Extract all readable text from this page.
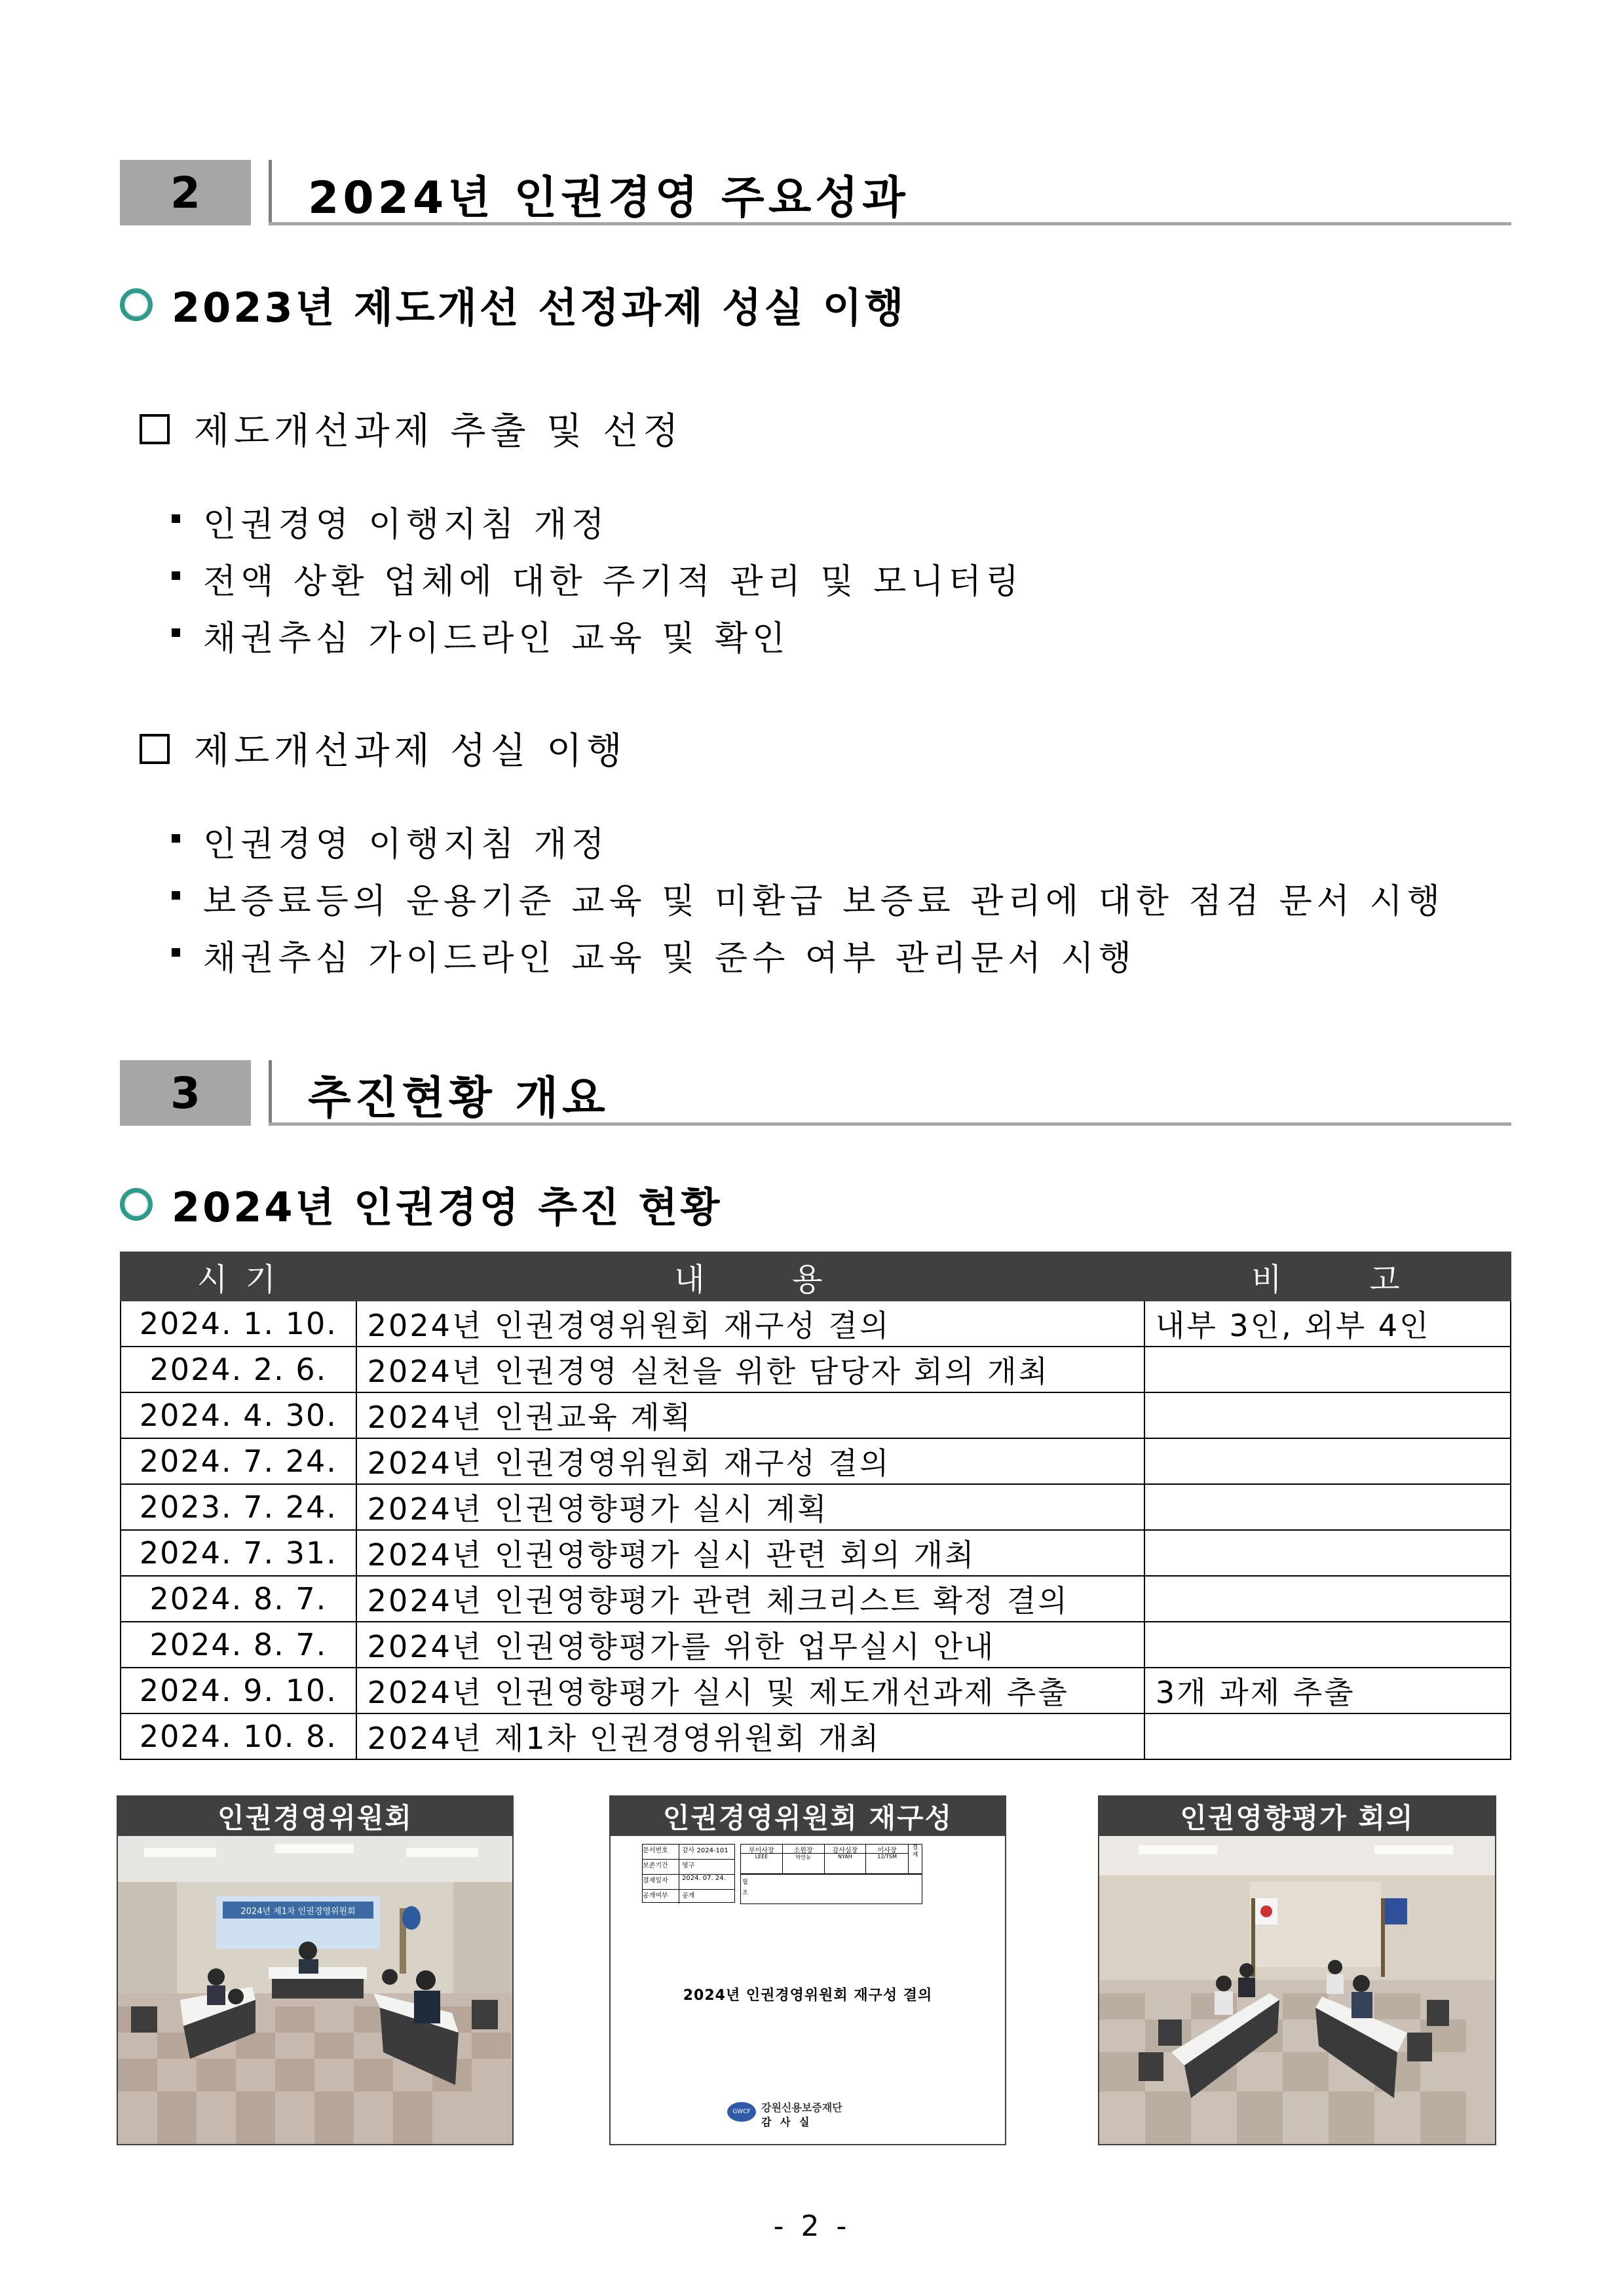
2	2024년 인권경영 주요성과
2023년 제도개선 선정과제 성실 이행
제도개선과제 추출 및 선정
인권경영 이행지침 개정
전액 상환 업체에 대한 주기적 관리 및 모니터링
채권추심 가이드라인 교육 및 확인
제도개선과제 성실 이행
인권경영 이행지침 개정
보증료등의 운용기준 교육 및 미환급 보증료 관리에 대한 점검 문서 시행
채권추심 가이드라인 교육 및 준수 여부 관리문서 시행
3	추진현황 개요
2024년 인권경영 추진 현황
시 기	내      용	비      고
2024. 1. 10.	2024년 인권경영위원회 재구성 결의	내부 3인, 외부 4인
2024. 2. 6.	2024년 인권경영 실천을 위한 담당자 회의 개최	
2024. 4. 30.	2024년 인권교육 계획	
2024. 7. 24.	2024년 인권경영위원회 재구성 결의	
2023. 7. 24.	2024년 인권영향평가 실시 계획	
2024. 7. 31.	2024년 인권영향평가 실시 관련 회의 개최	
2024. 8. 7.	2024년 인권영향평가 관련 체크리스트 확정 결의	
2024. 8. 7.	2024년 인권영향평가를 위한 업무실시 안내	
2024. 9. 10.	2024년 인권영향평가 실시 및 제도개선과제 추출	3개 과제 추출
2024. 10. 8.	2024년 제1차 인권경영위원회 개최	
인권경영위원회
2024년 제1차 인권경영위원회
인권경영위원회 재구성
문서번호	감사 2024-101
보존기간	영구
결재일자	2024. 07. 24.
공개여부	공개
부이사장	소원장	감사실장	이사장
LEEE	박연농	NYAH	12/TSM
결
재
협
조
2024년 인권경영위원회 재구성 결의
GWCF 강원신용보증재단
감 사 실
인권영향평가 회의
- 2 -
